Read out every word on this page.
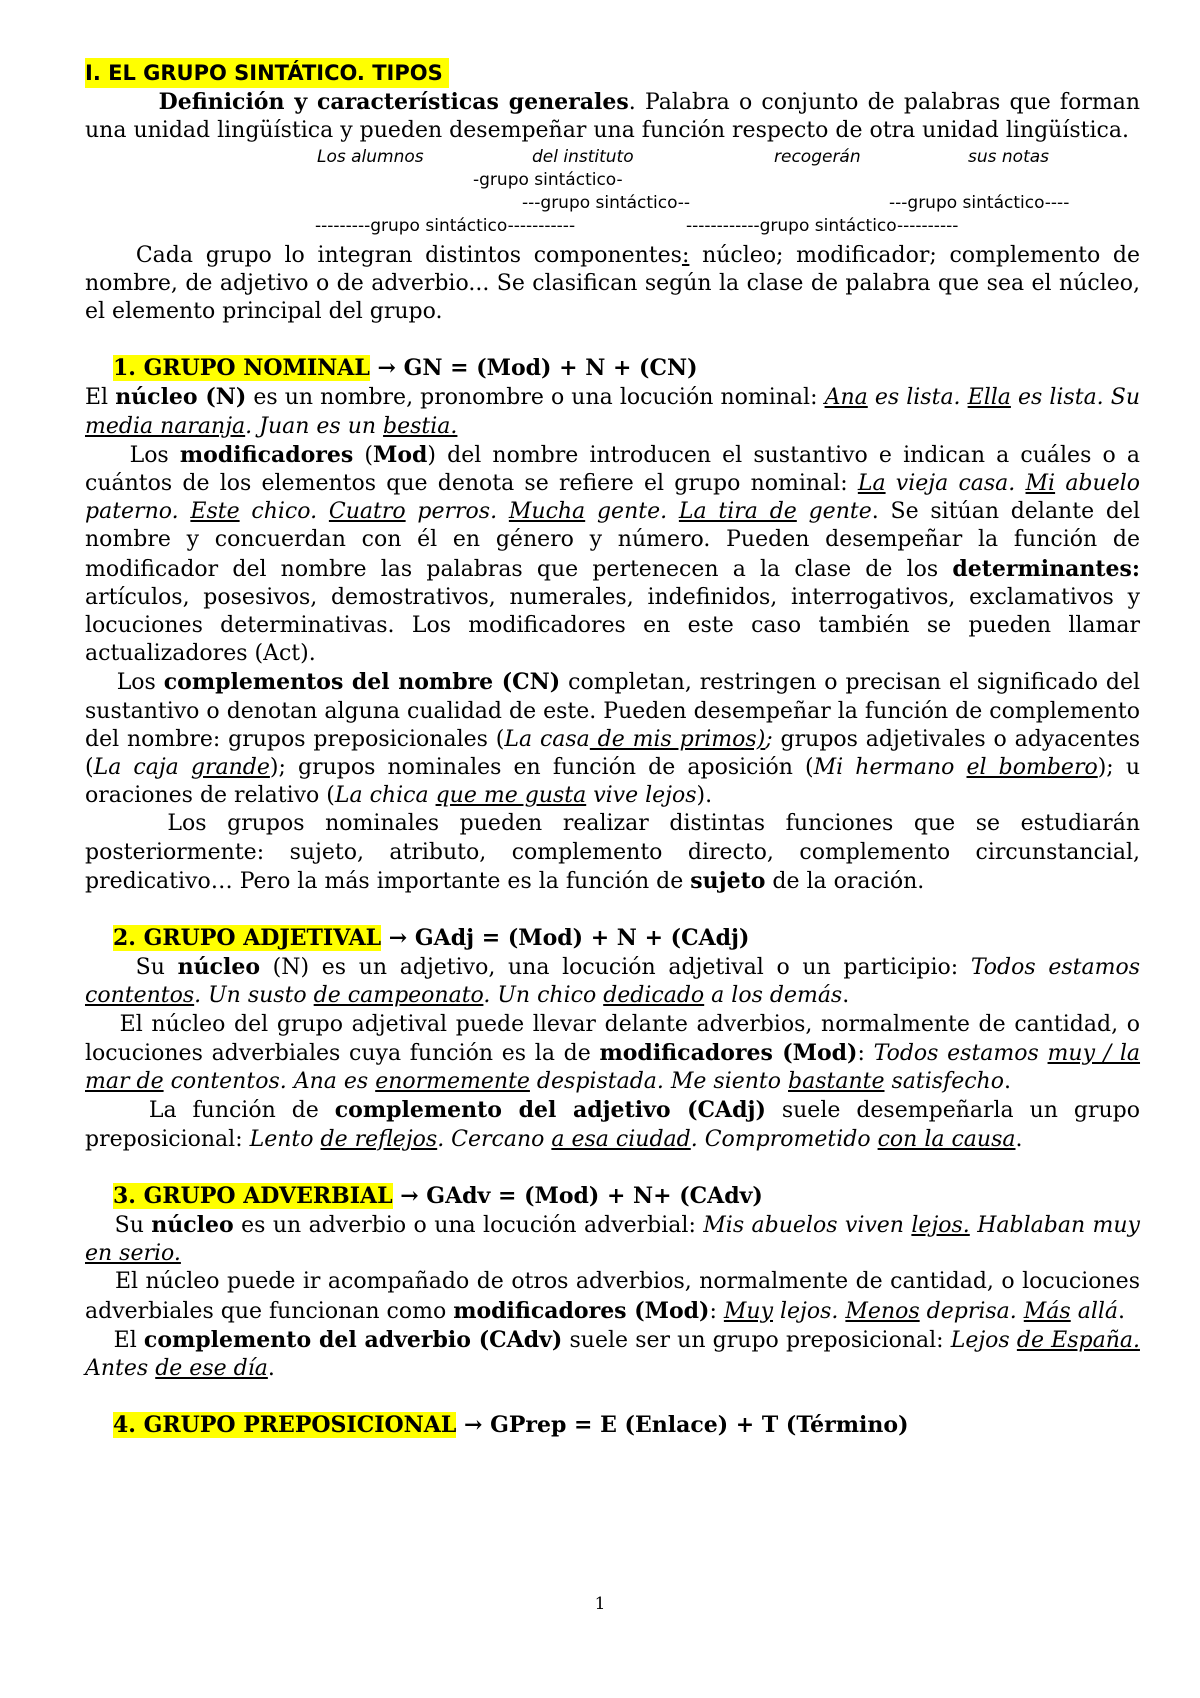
I. EL GRUPO SINTÁTICO. TIPOS

Definición y características generales. Palabra o conjunto de palabras que forman una unidad lingüística y pueden desempeñar una función respecto de otra unidad lingüística.

Los alumnos	del instituto	recogerán	sus notas
-grupo sintáctico-
---grupo sintáctico--	---grupo sintáctico----
---------grupo sintáctico-----------	------------grupo sintáctico----------

Cada grupo lo integran distintos componentes: núcleo; modificador; complemento de nombre, de adjetivo o de adverbio... Se clasifican según la clase de palabra que sea el núcleo, el elemento principal del grupo.

1. GRUPO NOMINAL → GN = (Mod) + N + (CN)

El núcleo (N) es un nombre, pronombre o una locución nominal: Ana es lista. Ella es lista. Su media naranja. Juan es un bestia.

Los modificadores (Mod) del nombre introducen el sustantivo e indican a cuáles o a cuántos de los elementos que denota se refiere el grupo nominal: La vieja casa. Mi abuelo paterno. Este chico. Cuatro perros. Mucha gente. La tira de gente. Se sitúan delante del nombre y concuerdan con él en género y número. Pueden desempeñar la función de modificador del nombre las palabras que pertenecen a la clase de los determinantes: artículos, posesivos, demostrativos, numerales, indefinidos, interrogativos, exclamativos y locuciones determinativas. Los modificadores en este caso también se pueden llamar actualizadores (Act).

Los complementos del nombre (CN) completan, restringen o precisan el significado del sustantivo o denotan alguna cualidad de este. Pueden desempeñar la función de complemento del nombre: grupos preposicionales (La casa de mis primos); grupos adjetivales o adyacentes (La caja grande); grupos nominales en función de aposición (Mi hermano el bombero); u oraciones de relativo (La chica que me gusta vive lejos).

Los grupos nominales pueden realizar distintas funciones que se estudiarán posteriormente: sujeto, atributo, complemento directo, complemento circunstancial, predicativo… Pero la más importante es la función de sujeto de la oración.

2. GRUPO ADJETIVAL → GAdj = (Mod) + N + (CAdj)

Su núcleo (N) es un adjetivo, una locución adjetival o un participio: Todos estamos contentos. Un susto de campeonato. Un chico dedicado a los demás.

El núcleo del grupo adjetival puede llevar delante adverbios, normalmente de cantidad, o locuciones adverbiales cuya función es la de modificadores (Mod): Todos estamos muy / la mar de contentos. Ana es enormemente despistada. Me siento bastante satisfecho.

La función de complemento del adjetivo (CAdj) suele desempeñarla un grupo preposicional: Lento de reflejos. Cercano a esa ciudad. Comprometido con la causa.

3. GRUPO ADVERBIAL → GAdv = (Mod) + N+ (CAdv)

Su núcleo es un adverbio o una locución adverbial: Mis abuelos viven lejos. Hablaban muy en serio.

El núcleo puede ir acompañado de otros adverbios, normalmente de cantidad, o locuciones adverbiales que funcionan como modificadores (Mod): Muy lejos. Menos deprisa. Más allá.

El complemento del adverbio (CAdv) suele ser un grupo preposicional: Lejos de España. Antes de ese día.

4. GRUPO PREPOSICIONAL → GPrep = E (Enlace) + T (Término)

1
